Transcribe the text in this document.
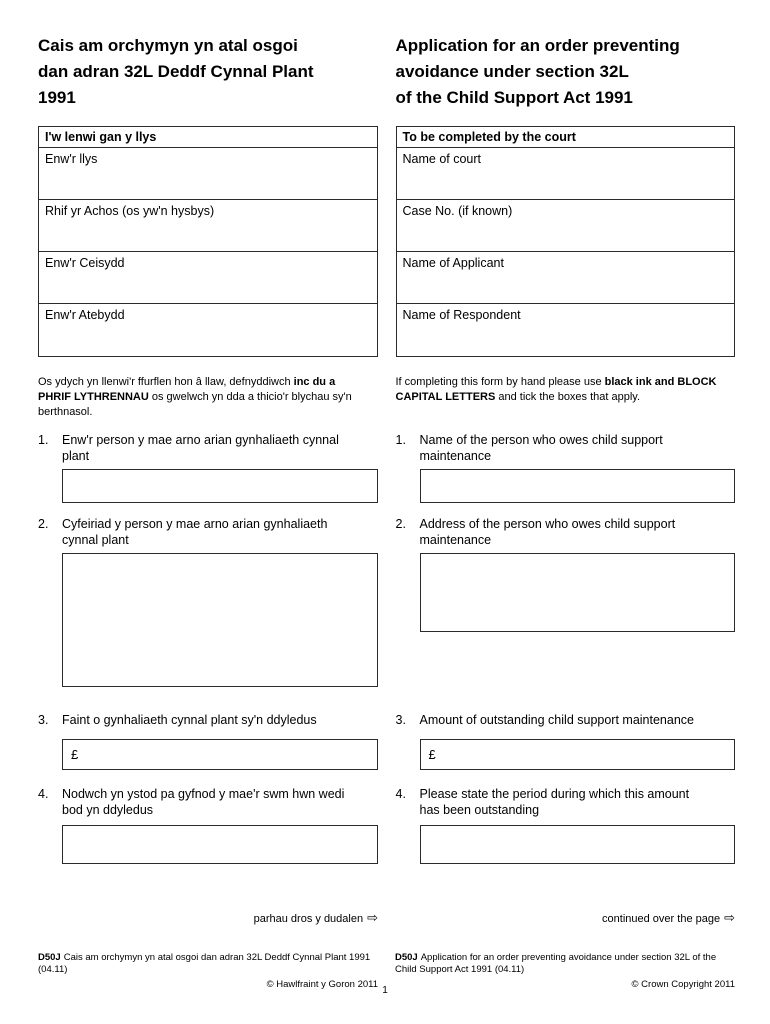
Cais am orchymyn yn atal osgoi
dan adran 32L Deddf Cynnal Plant
1991
I'w lenwi gan y llys
Enw'r llys
Rhif yr Achos (os yw'n hysbys)
Enw'r Ceisydd
Enw'r Atebydd

Os ydych yn llenwi'r ffurflen hon â llaw, defnyddiwch inc du a PHRIF LYTHRENNAU os gwelwch yn dda a thicio'r blychau sy'n berthnasol.

1.	Enw'r person y mae arno arian gynhaliaeth cynnal plant
2.	Cyfeiriad y person y mae arno arian gynhaliaeth cynnal plant
3.	Faint o gynhaliaeth cynnal plant sy'n ddyledus
£
4.	Nodwch yn ystod pa gyfnod y mae'r swm hwn wedi bod yn ddyledus
Application for an order preventing
avoidance under section 32L
of the Child Support Act 1991
To be completed by the court
Name of court
Case No. (if known)
Name of Applicant
Name of Respondent

If completing this form by hand please use black ink and BLOCK CAPITAL LETTERS and tick the boxes that apply.

1.	Name of the person who owes child support maintenance
2.	Address of the person who owes child support maintenance
3.	Amount of outstanding child support maintenance
£
4.	Please state the period during which this amount has been outstanding
parhau dros y dudalen ⇨	continued over the page ⇨
D50J Cais am orchymyn yn atal osgoi dan adran 32L Deddf Cynnal Plant 1991 (04.11)
D50J Application for an order preventing avoidance under section 32L of the Child Support Act 1991 (04.11)
© Hawlfraint y Goron 2011	© Crown Copyright 2011
1
